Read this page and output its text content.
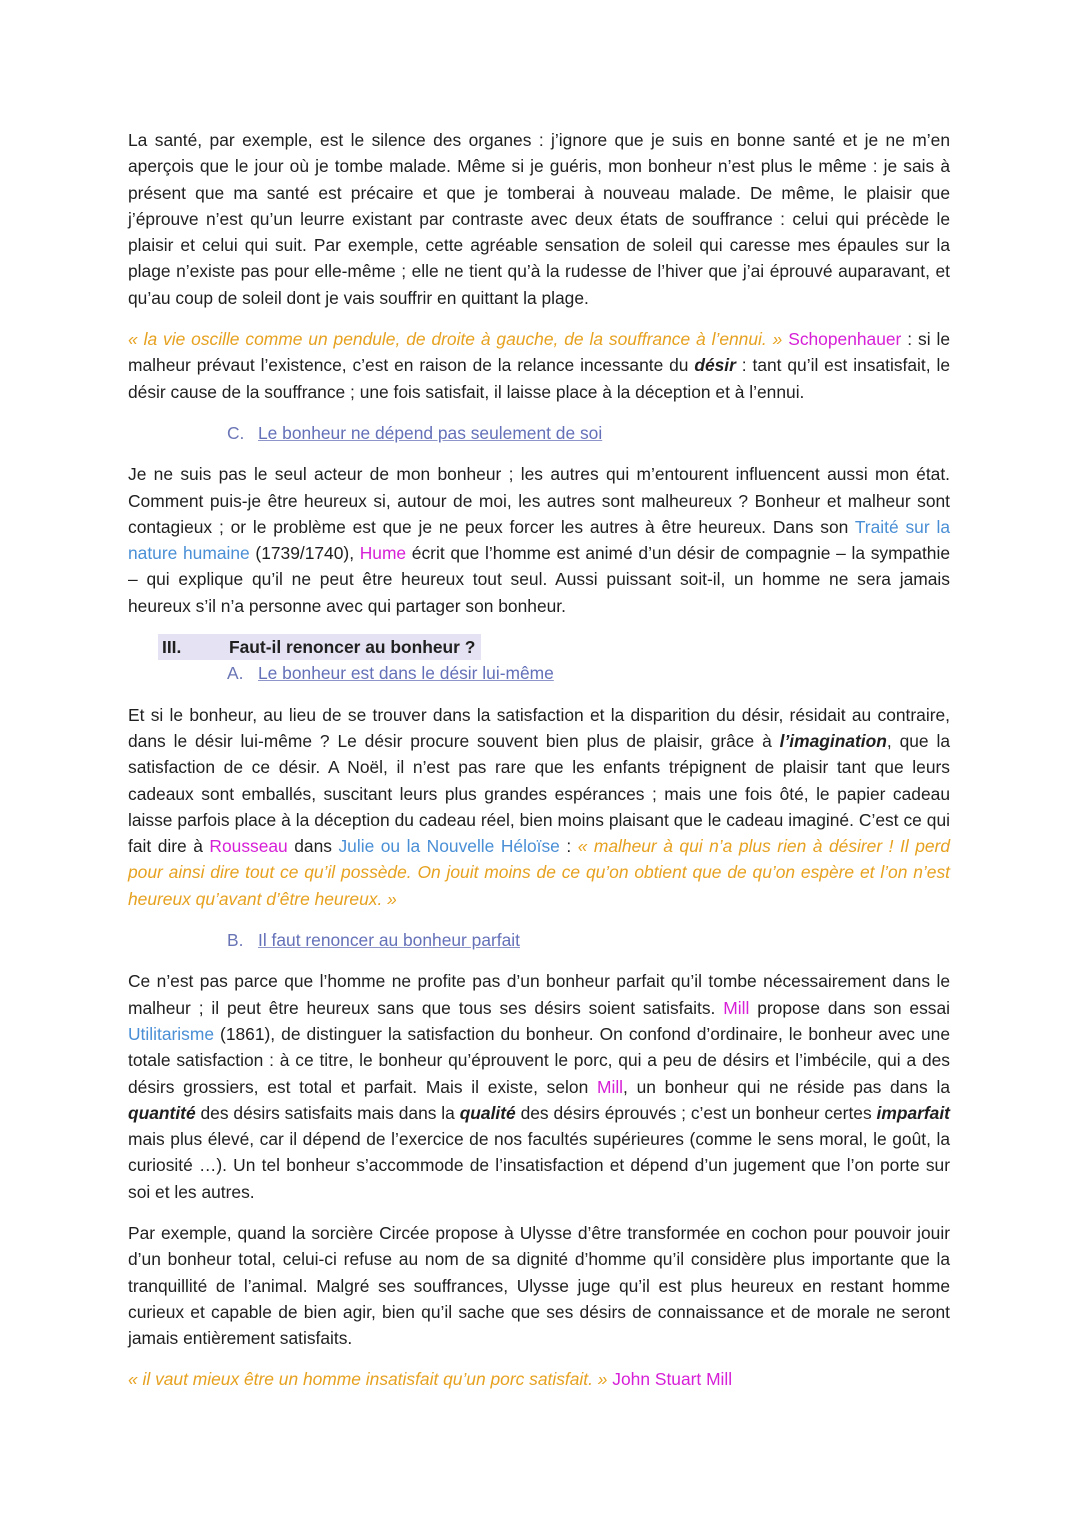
La santé, par exemple, est le silence des organes : j’ignore que je suis en bonne santé et je ne m’en aperçois que le jour où je tombe malade. Même si je guéris, mon bonheur n’est plus le même : je sais à présent que ma santé est précaire et que je tomberai à nouveau malade. De même, le plaisir que j’éprouve n’est qu’un leurre existant par contraste avec deux états de souffrance : celui qui précède le plaisir et celui qui suit. Par exemple, cette agréable sensation de soleil qui caresse mes épaules sur la plage n’existe pas pour elle-même ; elle ne tient qu’à la rudesse de l’hiver que j’ai éprouvé auparavant, et qu’au coup de soleil dont je vais souffrir en quittant la plage.

« la vie oscille comme un pendule, de droite à gauche, de la souffrance à l’ennui. » Schopenhauer : si le malheur prévaut l’existence, c’est en raison de la relance incessante du désir : tant qu’il est insatisfait, le désir cause de la souffrance ; une fois satisfait, il laisse place à la déception et à l’ennui.

C. Le bonheur ne dépend pas seulement de soi

Je ne suis pas le seul acteur de mon bonheur ; les autres qui m’entourent influencent aussi mon état. Comment puis-je être heureux si, autour de moi, les autres sont malheureux ? Bonheur et malheur sont contagieux ; or le problème est que je ne peux forcer les autres à être heureux. Dans son Traité sur la nature humaine (1739/1740), Hume écrit que l’homme est animé d’un désir de compagnie – la sympathie – qui explique qu’il ne peut être heureux tout seul. Aussi puissant soit-il, un homme ne sera jamais heureux s’il n’a personne avec qui partager son bonheur.

III.	Faut-il renoncer au bonheur ?
A. Le bonheur est dans le désir lui-même

Et si le bonheur, au lieu de se trouver dans la satisfaction et la disparition du désir, résidait au contraire, dans le désir lui-même ? Le désir procure souvent bien plus de plaisir, grâce à l’imagination, que la satisfaction de ce désir. A Noël, il n’est pas rare que les enfants trépignent de plaisir tant que leurs cadeaux sont emballés, suscitant leurs plus grandes espérances ; mais une fois ôté, le papier cadeau laisse parfois place à la déception du cadeau réel, bien moins plaisant que le cadeau imaginé. C’est ce qui fait dire à Rousseau dans Julie ou la Nouvelle Héloïse : « malheur à qui n’a plus rien à désirer ! Il perd pour ainsi dire tout ce qu’il possède. On jouit moins de ce qu’on obtient que de qu’on espère et l’on n’est heureux qu’avant d’être heureux. »

B. Il faut renoncer au bonheur parfait

Ce n’est pas parce que l’homme ne profite pas d’un bonheur parfait qu’il tombe nécessairement dans le malheur ; il peut être heureux sans que tous ses désirs soient satisfaits. Mill propose dans son essai Utilitarisme (1861), de distinguer la satisfaction du bonheur. On confond d’ordinaire, le bonheur avec une totale satisfaction : à ce titre, le bonheur qu’éprouvent le porc, qui a peu de désirs et l’imbécile, qui a des désirs grossiers, est total et parfait. Mais il existe, selon Mill, un bonheur qui ne réside pas dans la quantité des désirs satisfaits mais dans la qualité des désirs éprouvés ; c’est un bonheur certes imparfait mais plus élevé, car il dépend de l’exercice de nos facultés supérieures (comme le sens moral, le goût, la curiosité …). Un tel bonheur s’accommode de l’insatisfaction et dépend d’un jugement que l’on porte sur soi et les autres.

Par exemple, quand la sorcière Circée propose à Ulysse d’être transformée en cochon pour pouvoir jouir d’un bonheur total, celui-ci refuse au nom de sa dignité d’homme qu’il considère plus importante que la tranquillité de l’animal. Malgré ses souffrances, Ulysse juge qu’il est plus heureux en restant homme curieux et capable de bien agir, bien qu’il sache que ses désirs de connaissance et de morale ne seront jamais entièrement satisfaits.

« il vaut mieux être un homme insatisfait qu’un porc satisfait. » John Stuart Mill
